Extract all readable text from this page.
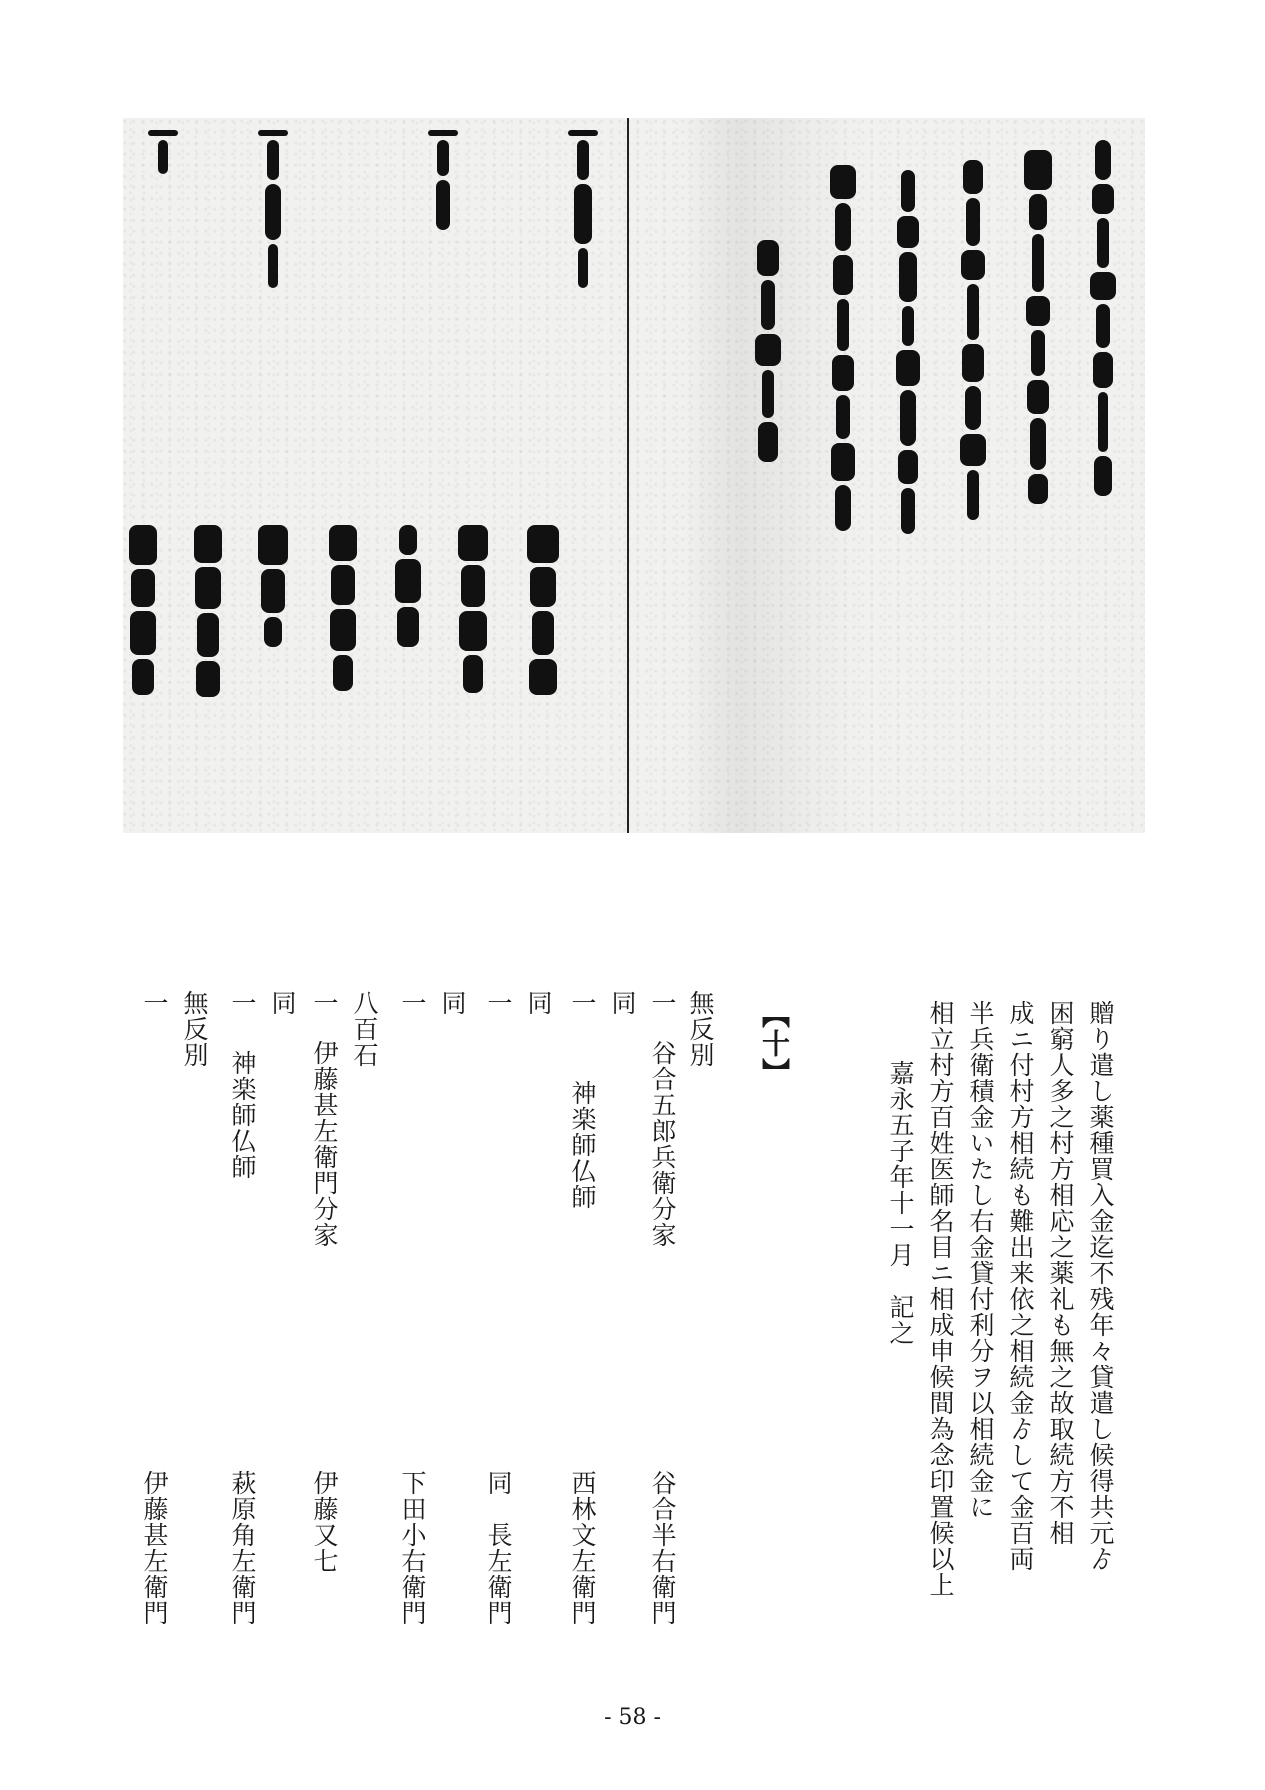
贈り遣し薬種買入金迄不残年々貸遣し候得共元ゟ
困窮人多之村方相応之薬礼も無之故取続方不相
成ニ付村方相続も難出来依之相続金ゟして金百両
半兵衛積金いたし右金貸付利分ヲ以相続金に
相立村方百姓医師名目ニ相成申候間為念印置候以上
嘉永五子年十一月　記之
【十】
一 無反別
谷合五郎兵衛分家
谷合半右衛門
同
一
神楽師仏師
西林文左衛門
同
一
同　長左衛門
同
一
下田小右衛門
八百石
一
伊藤甚左衛門分家
伊藤又七
同
一
神楽師仏師
萩原角左衛門
無反別
一
伊藤甚左衛門
- 58 -
